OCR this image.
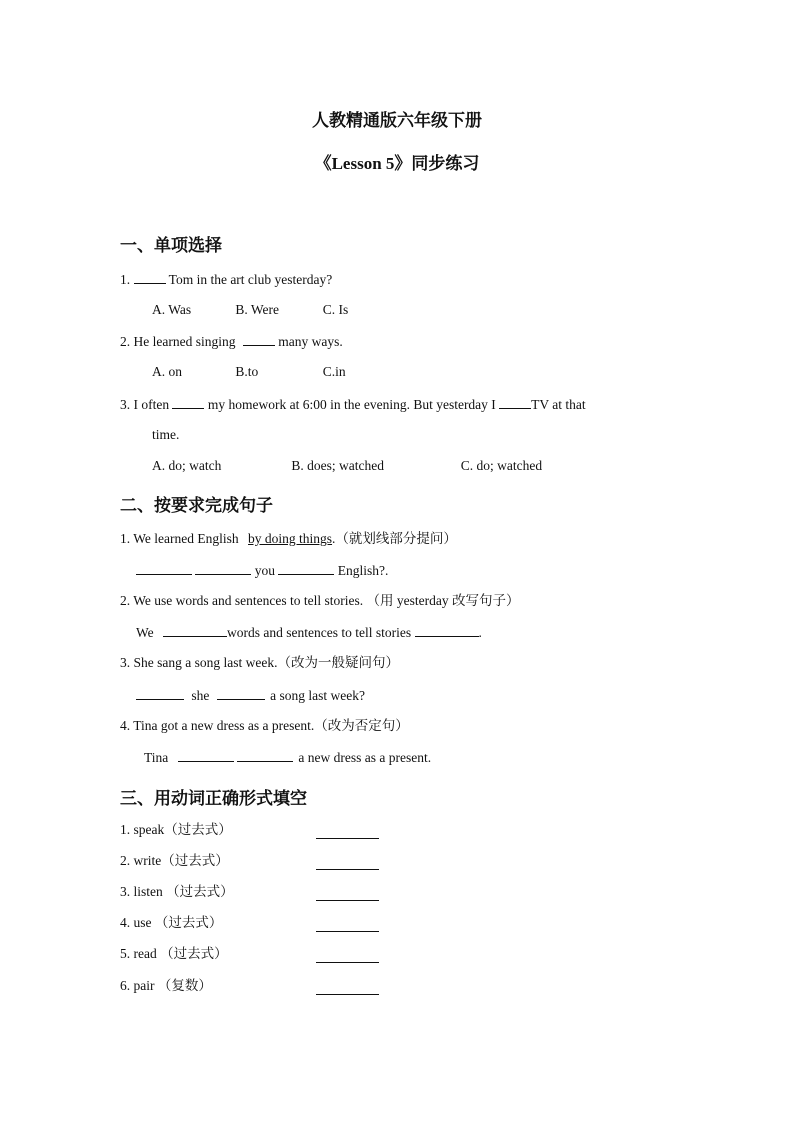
人教精通版六年级下册
《Lesson 5》同步练习
一、单项选择
1.	Tom in the art club yesterday?
A. Was	B. Were	C. Is
2. He learned singing	many ways.
A. on	B.to	C.in
3. I often	my homework at 6:00 in the evening. But yesterday I	TV at that
time.
A. do; watch	B. does; watched	C. do; watched
二、按要求完成句子
1. We learned English by doing things.（就划线部分提问）
you	English?.
2. We use words and sentences to tell stories. （用 yesterday 改写句子）
We	words and sentences to tell stories	.
3. She sang a song last week.（改为一般疑问句）
she	a song last week?
4. Tina got a new dress as a present.（改为否定句）
Tina	a new dress as a present.
三、用动词正确形式填空
1. speak（过去式）
2. write（过去式）
3. listen （过去式）
4. use （过去式）
5. read （过去式）
6. pair （复数）
